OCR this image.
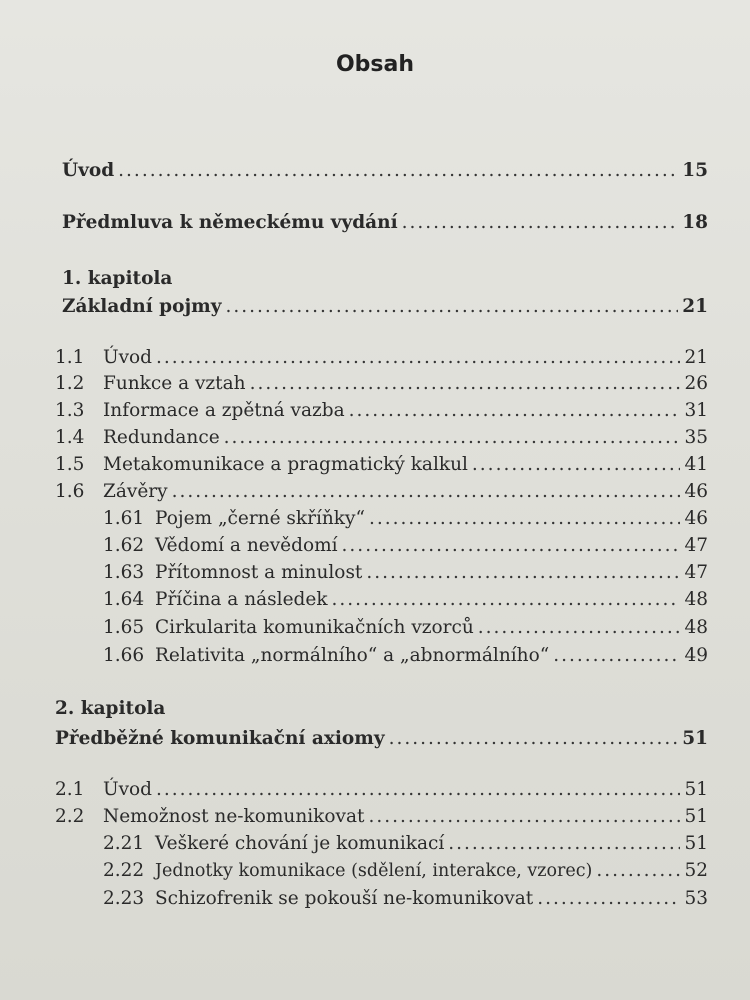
Obsah
Úvod .....	15
Předmluva k německému vydání .....	18
1. kapitola
Základní pojmy .....	21
1.1	Úvod .....	21
1.2	Funkce a vztah .....	26
1.3	Informace a zpětná vazba .....	31
1.4	Redundance .....	35
1.5	Metakomunikace a pragmatický kalkul .....	41
1.6	Závěry .....	46
1.61 Pojem „černé skříňky“ .....	46
1.62 Vědomí a nevědomí .....	47
1.63 Přítomnost a minulost .....	47
1.64 Příčina a následek .....	48
1.65 Cirkularita komunikačních vzorců .....	48
1.66 Relativita „normálního“ a „abnormálního“ .....	49
2. kapitola
Předběžné komunikační axiomy .....	51
2.1	Úvod .....	51
2.2	Nemožnost ne-komunikovat .....	51
2.21 Veškeré chování je komunikací .....	51
2.22 Jednotky komunikace (sdělení, interakce, vzorec) .....	52
2.23 Schizofrenik se pokouší ne-komunikovat .....	53
